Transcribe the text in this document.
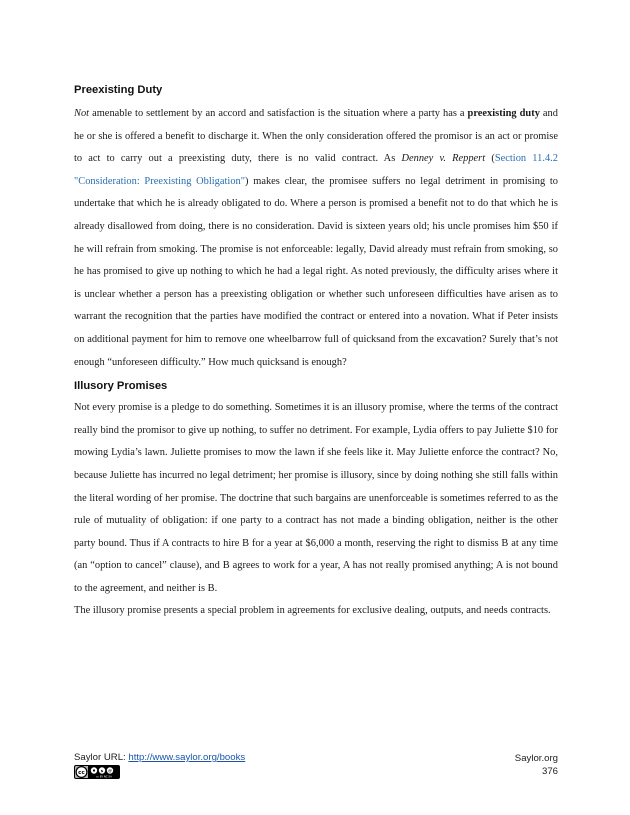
Preexisting Duty

Not amenable to settlement by an accord and satisfaction is the situation where a party has a preexisting duty and he or she is offered a benefit to discharge it. When the only consideration offered the promisor is an act or promise to act to carry out a preexisting duty, there is no valid contract. As Denney v. Reppert (Section 11.4.2 "Consideration: Preexisting Obligation") makes clear, the promisee suffers no legal detriment in promising to undertake that which he is already obligated to do. Where a person is promised a benefit not to do that which he is already disallowed from doing, there is no consideration. David is sixteen years old; his uncle promises him $50 if he will refrain from smoking. The promise is not enforceable: legally, David already must refrain from smoking, so he has promised to give up nothing to which he had a legal right. As noted previously, the difficulty arises where it is unclear whether a person has a preexisting obligation or whether such unforeseen difficulties have arisen as to warrant the recognition that the parties have modified the contract or entered into a novation. What if Peter insists on additional payment for him to remove one wheelbarrow full of quicksand from the excavation? Surely that’s not enough “unforeseen difficulty.” How much quicksand is enough?

Illusory Promises

Not every promise is a pledge to do something. Sometimes it is an illusory promise, where the terms of the contract really bind the promisor to give up nothing, to suffer no detriment. For example, Lydia offers to pay Juliette $10 for mowing Lydia’s lawn. Juliette promises to mow the lawn if she feels like it. May Juliette enforce the contract? No, because Juliette has incurred no legal detriment; her promise is illusory, since by doing nothing she still falls within the literal wording of her promise. The doctrine that such bargains are unenforceable is sometimes referred to as the rule of mutuality of obligation: if one party to a contract has not made a binding obligation, neither is the other party bound. Thus if A contracts to hire B for a year at $6,000 a month, reserving the right to dismiss B at any time (an “option to cancel” clause), and B agrees to work for a year, A has not really promised anything; A is not bound to the agreement, and neither is B.

The illusory promise presents a special problem in agreements for exclusive dealing, outputs, and needs contracts.

Saylor URL: http://www.saylor.org/books	Saylor.org
376
cc	$ @
cc BY NC SA
